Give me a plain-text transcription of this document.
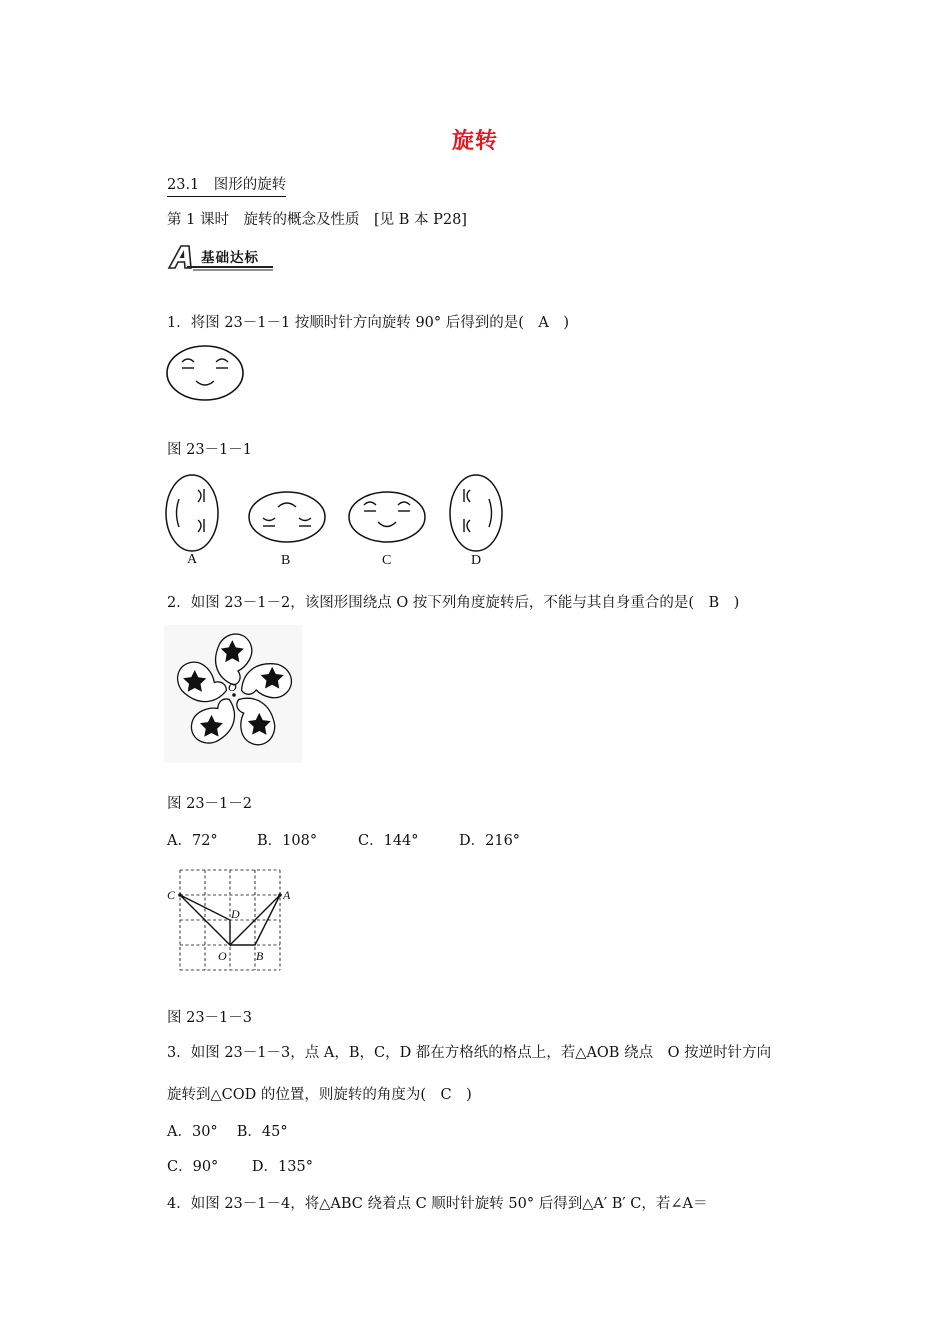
旋转
23.1　图形的旋转
第 1 课时　旋转的概念及性质　[见 B 本 P28]
基础达标
1．将图 23－1－1 按顺时针方向旋转 90° 后得到的是(　A　)
图 23－1－1
A	B	C	D
2．如图 23－1－2，该图形围绕点 O 按下列角度旋转后，不能与其自身重合的是(　B　)
O
图 23－1－2
A．72°	B．108°	C．144°	D．216°
C	A
D
O B
图 23－1－3
3．如图 23－1－3，点 A，B，C，D 都在方格纸的格点上，若△AOB 绕点　O 按逆时针方向
旋转到△COD 的位置，则旋转的角度为(　C　)
A．30°　 B．45°
C．90°　　 D．135°
4．如图 23－1－4，将△ABC 绕着点 C 顺时针旋转 50° 后得到△A′ B′ C，若∠A＝
